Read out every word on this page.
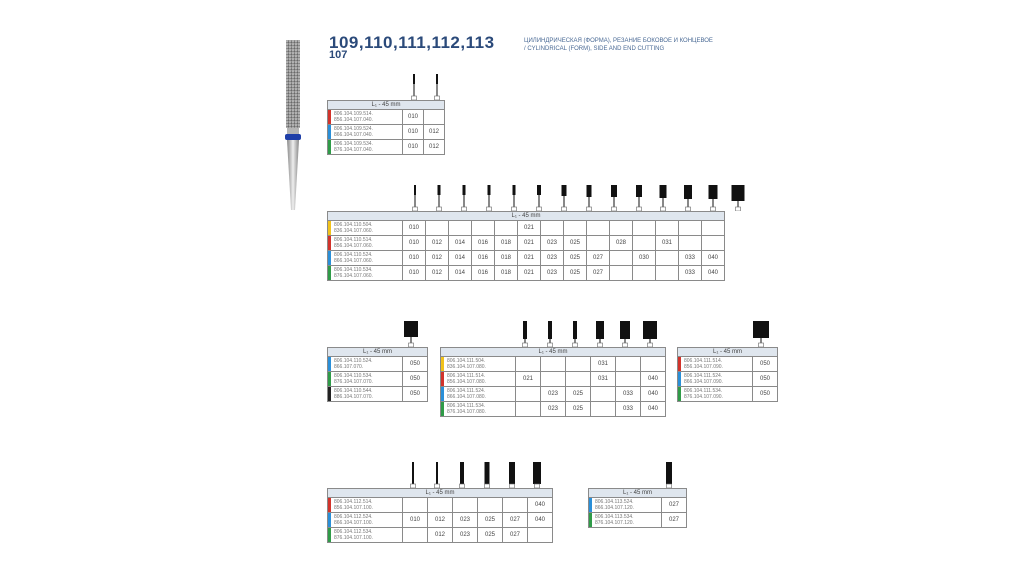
109,110,111,112,113
107
ЦИЛИНДРИЧЕСКАЯ (ФОРМА), РЕЗАНИЕ БОКОВОЕ И КОНЦЕВОЕ
/ CYLINDRICAL (FORM), SIDE AND END CUTTING
L₁ - 45 mm		

806.104.109.514.
856.104.107.040.	010	

806.104.109.524.
866.104.107.040.	010	012

806.104.109.534.
876.104.107.040.	010	012
L₁ - 45 mm														

806.104.110.504.
836.104.107.060.	010					021								

806.104.110.514.
856.104.107.060.	010	012	014	016	018	021	023	025		028		031		

806.104.110.524.
866.104.107.060.	010	012	014	016	018	021	023	025	027		030		033	040

806.104.110.534.
876.104.107.060.	010	012	014	016	018	021	023	025	027				033	040
L₁ - 45 mm	

806.104.110.524.
866.107.070.	050

806.104.110.534.
876.104.107.070.	050

806.104.110.544.
886.104.107.070.	050
L₁ - 45 mm						

806.104.111.504.
836.104.107.080.				031		

806.104.111.514.
856.104.107.080.	021			031		040

806.104.111.524.
866.104.107.080.		023	025		033	040

806.104.111.534.
876.104.107.080.		023	025		033	040
L₁ - 45 mm	

806.104.111.514.
856.104.107.090.	050

806.104.111.524.
866.104.107.090.	050

806.104.111.534.
876.104.107.090.	050
L₁ - 45 mm						

806.104.112.514.
856.104.107.100.						040

806.104.112.524.
866.104.107.100.	010	012	023	025	027	040

806.104.112.534.
876.104.107.100.		012	023	025	027	
L₁ - 45 mm	

806.104.113.524.
866.104.107.120.	027

806.104.113.534.
876.104.107.120.	027
